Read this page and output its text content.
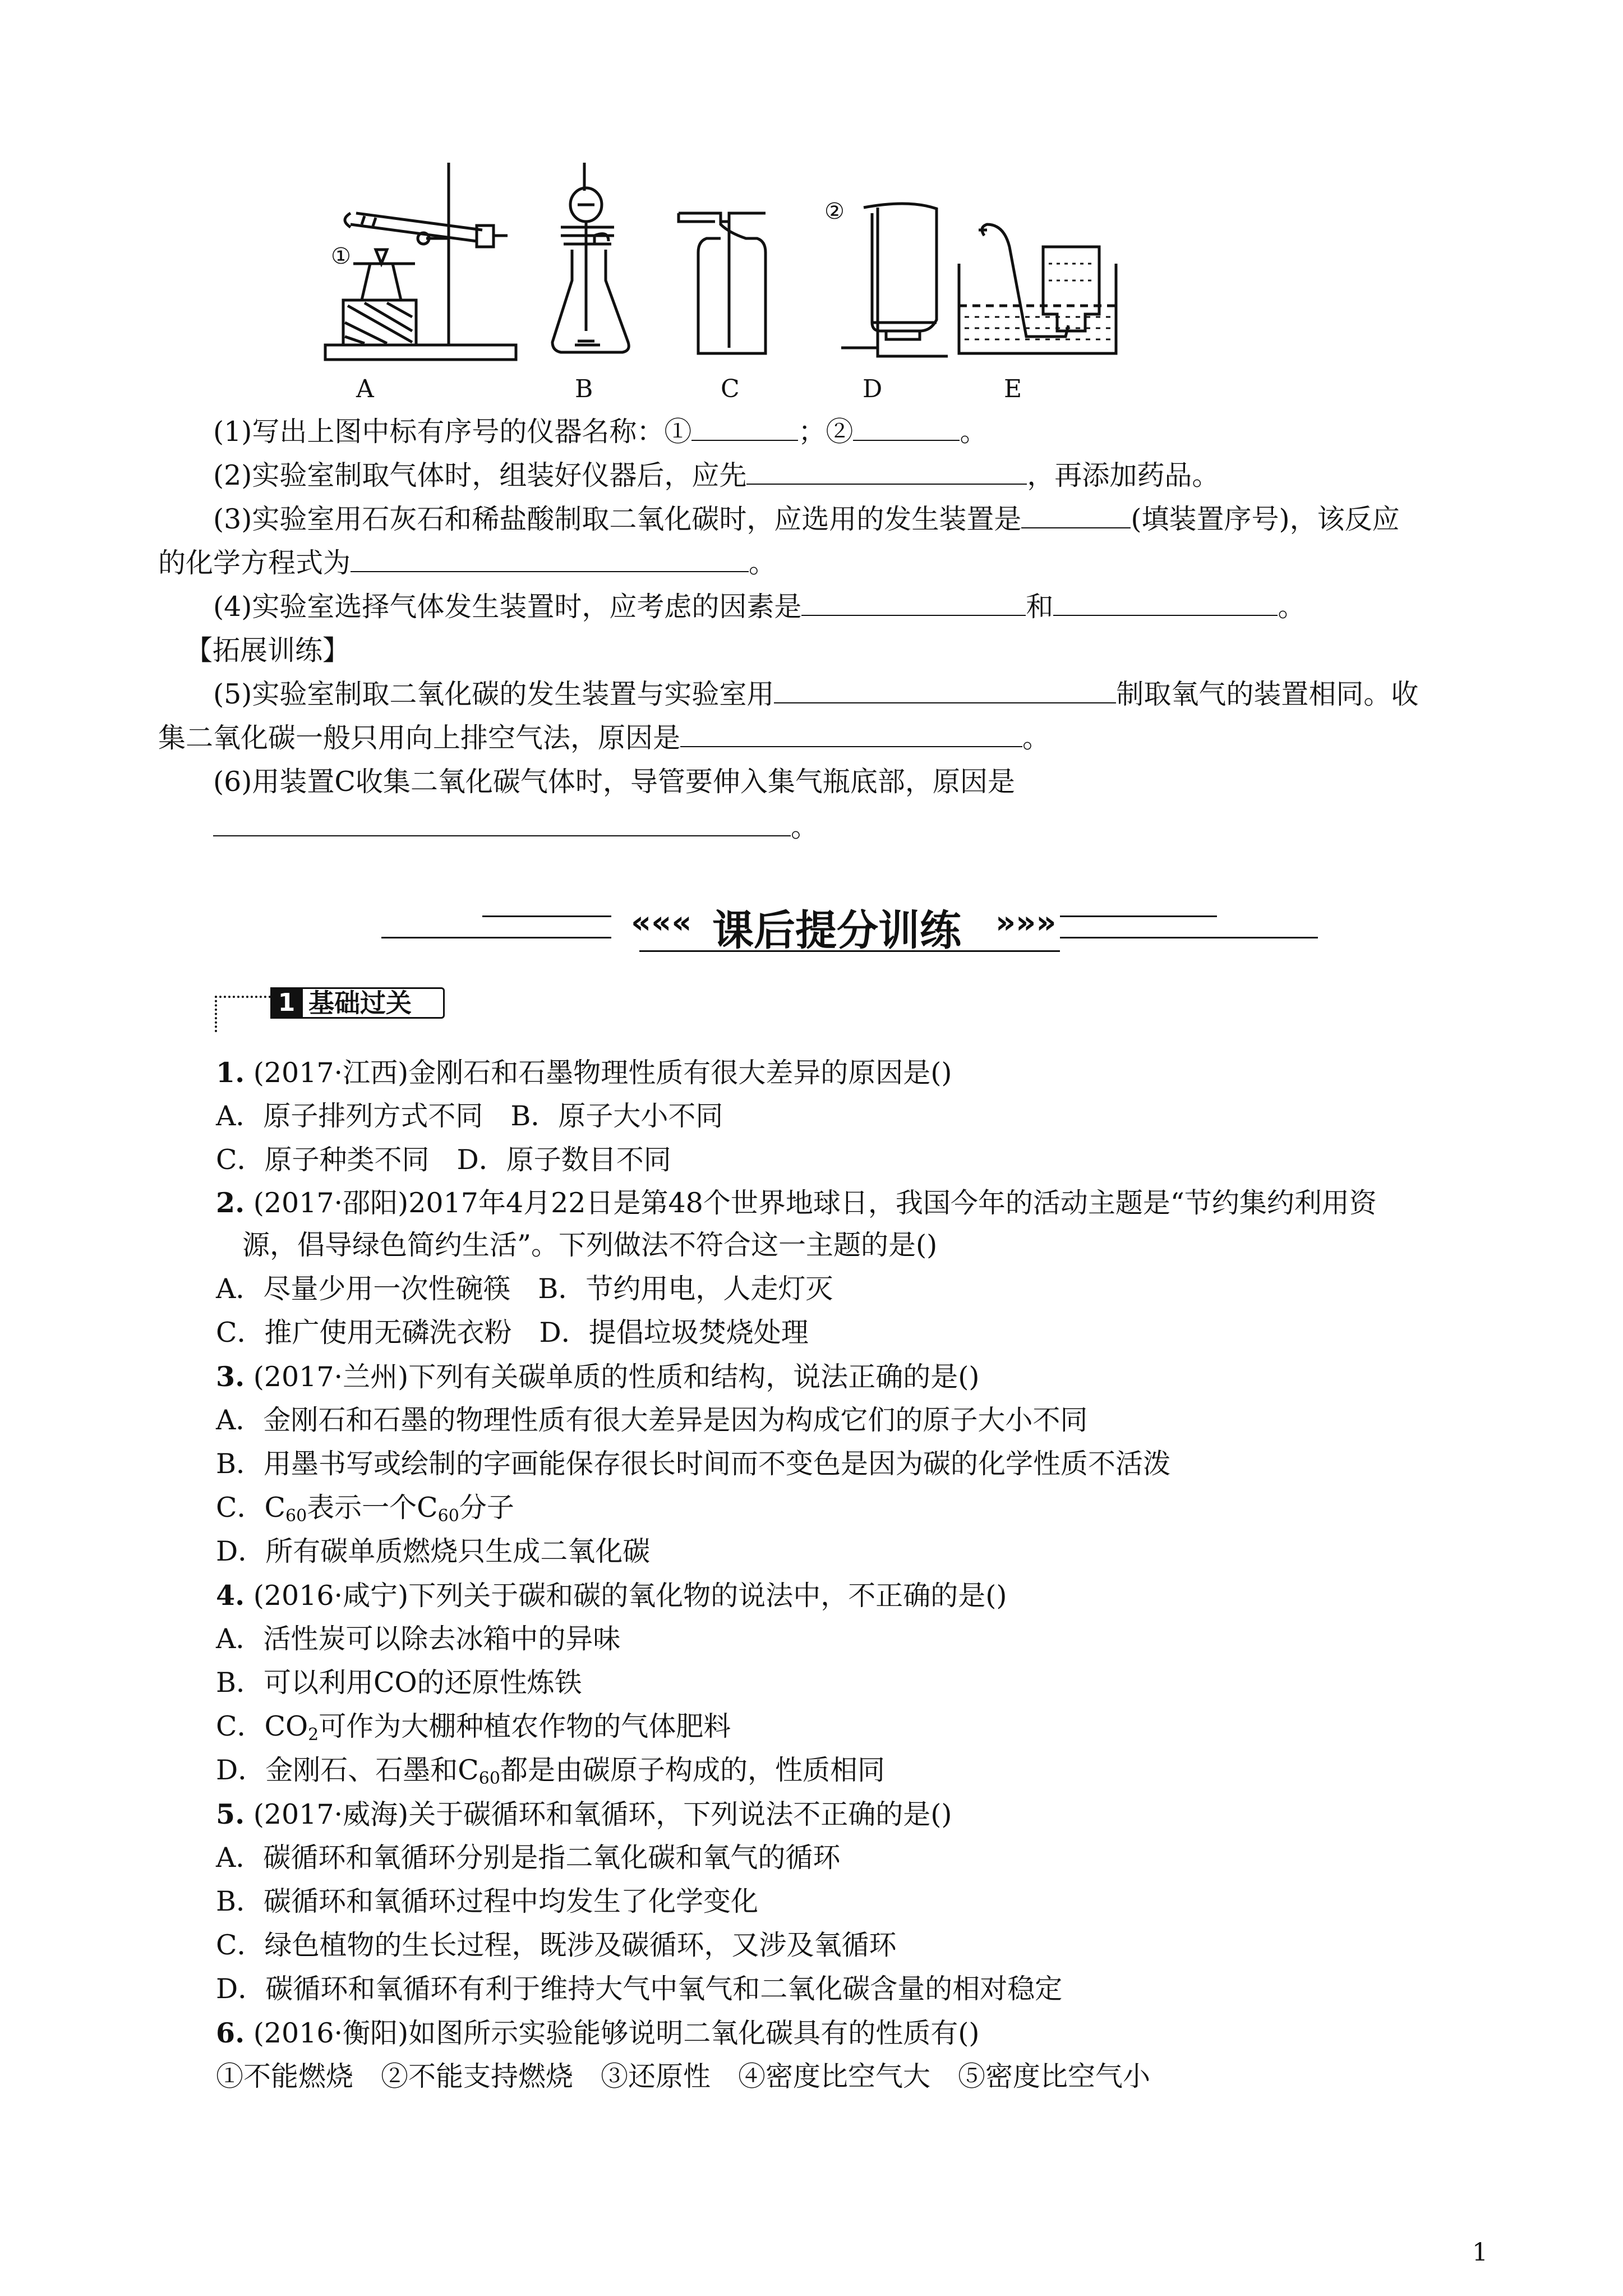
①
②
A	B	C	D	E
(1)写出上图中标有序号的仪器名称：①	；②	。
(2)实验室制取气体时，组装好仪器后，应先	，再添加药品。
(3)实验室用石灰石和稀盐酸制取二氧化碳时，应选用的发生装置是	(填装置序号)，该反应
的化学方程式为	。
(4)实验室选择气体发生装置时，应考虑的因素是	和	。
【拓展训练】
(5)实验室制取二氧化碳的发生装置与实验室用	制取氧气的装置相同。收
集二氧化碳一般只用向上排空气法，原因是	。
(6)用装置C收集二氧化碳气体时，导管要伸入集气瓶底部，原因是
。
««« 课后提分训练 »»»
1 基础过关
1. (2017·江西)金刚石和石墨物理性质有很大差异的原因是()
A．原子排列方式不同　B．原子大小不同
C．原子种类不同　D．原子数目不同
2. (2017·邵阳)2017年4月22日是第48个世界地球日，我国今年的活动主题是“节约集约利用资
源，倡导绿色简约生活”。下列做法不符合这一主题的是()
A．尽量少用一次性碗筷　B．节约用电，人走灯灭
C．推广使用无磷洗衣粉　D．提倡垃圾焚烧处理
3. (2017·兰州)下列有关碳单质的性质和结构，说法正确的是()
A．金刚石和石墨的物理性质有很大差异是因为构成它们的原子大小不同
B．用墨书写或绘制的字画能保存很长时间而不变色是因为碳的化学性质不活泼
C．$C_{60}$表示一个$C_{60}$分子
D．所有碳单质燃烧只生成二氧化碳
4. (2016·咸宁)下列关于碳和碳的氧化物的说法中，不正确的是()
A．活性炭可以除去冰箱中的异味
B．可以利用CO的还原性炼铁
C．$CO_2$可作为大棚种植农作物的气体肥料
D．金刚石、石墨和$C_{60}$都是由碳原子构成的，性质相同
5. (2017·威海)关于碳循环和氧循环，下列说法不正确的是()
A．碳循环和氧循环分别是指二氧化碳和氧气的循环
B．碳循环和氧循环过程中均发生了化学变化
C．绿色植物的生长过程，既涉及碳循环，又涉及氧循环
D．碳循环和氧循环有利于维持大气中氧气和二氧化碳含量的相对稳定
6. (2016·衡阳)如图所示实验能够说明二氧化碳具有的性质有()
①不能燃烧　②不能支持燃烧　③还原性　④密度比空气大　⑤密度比空气小
1
